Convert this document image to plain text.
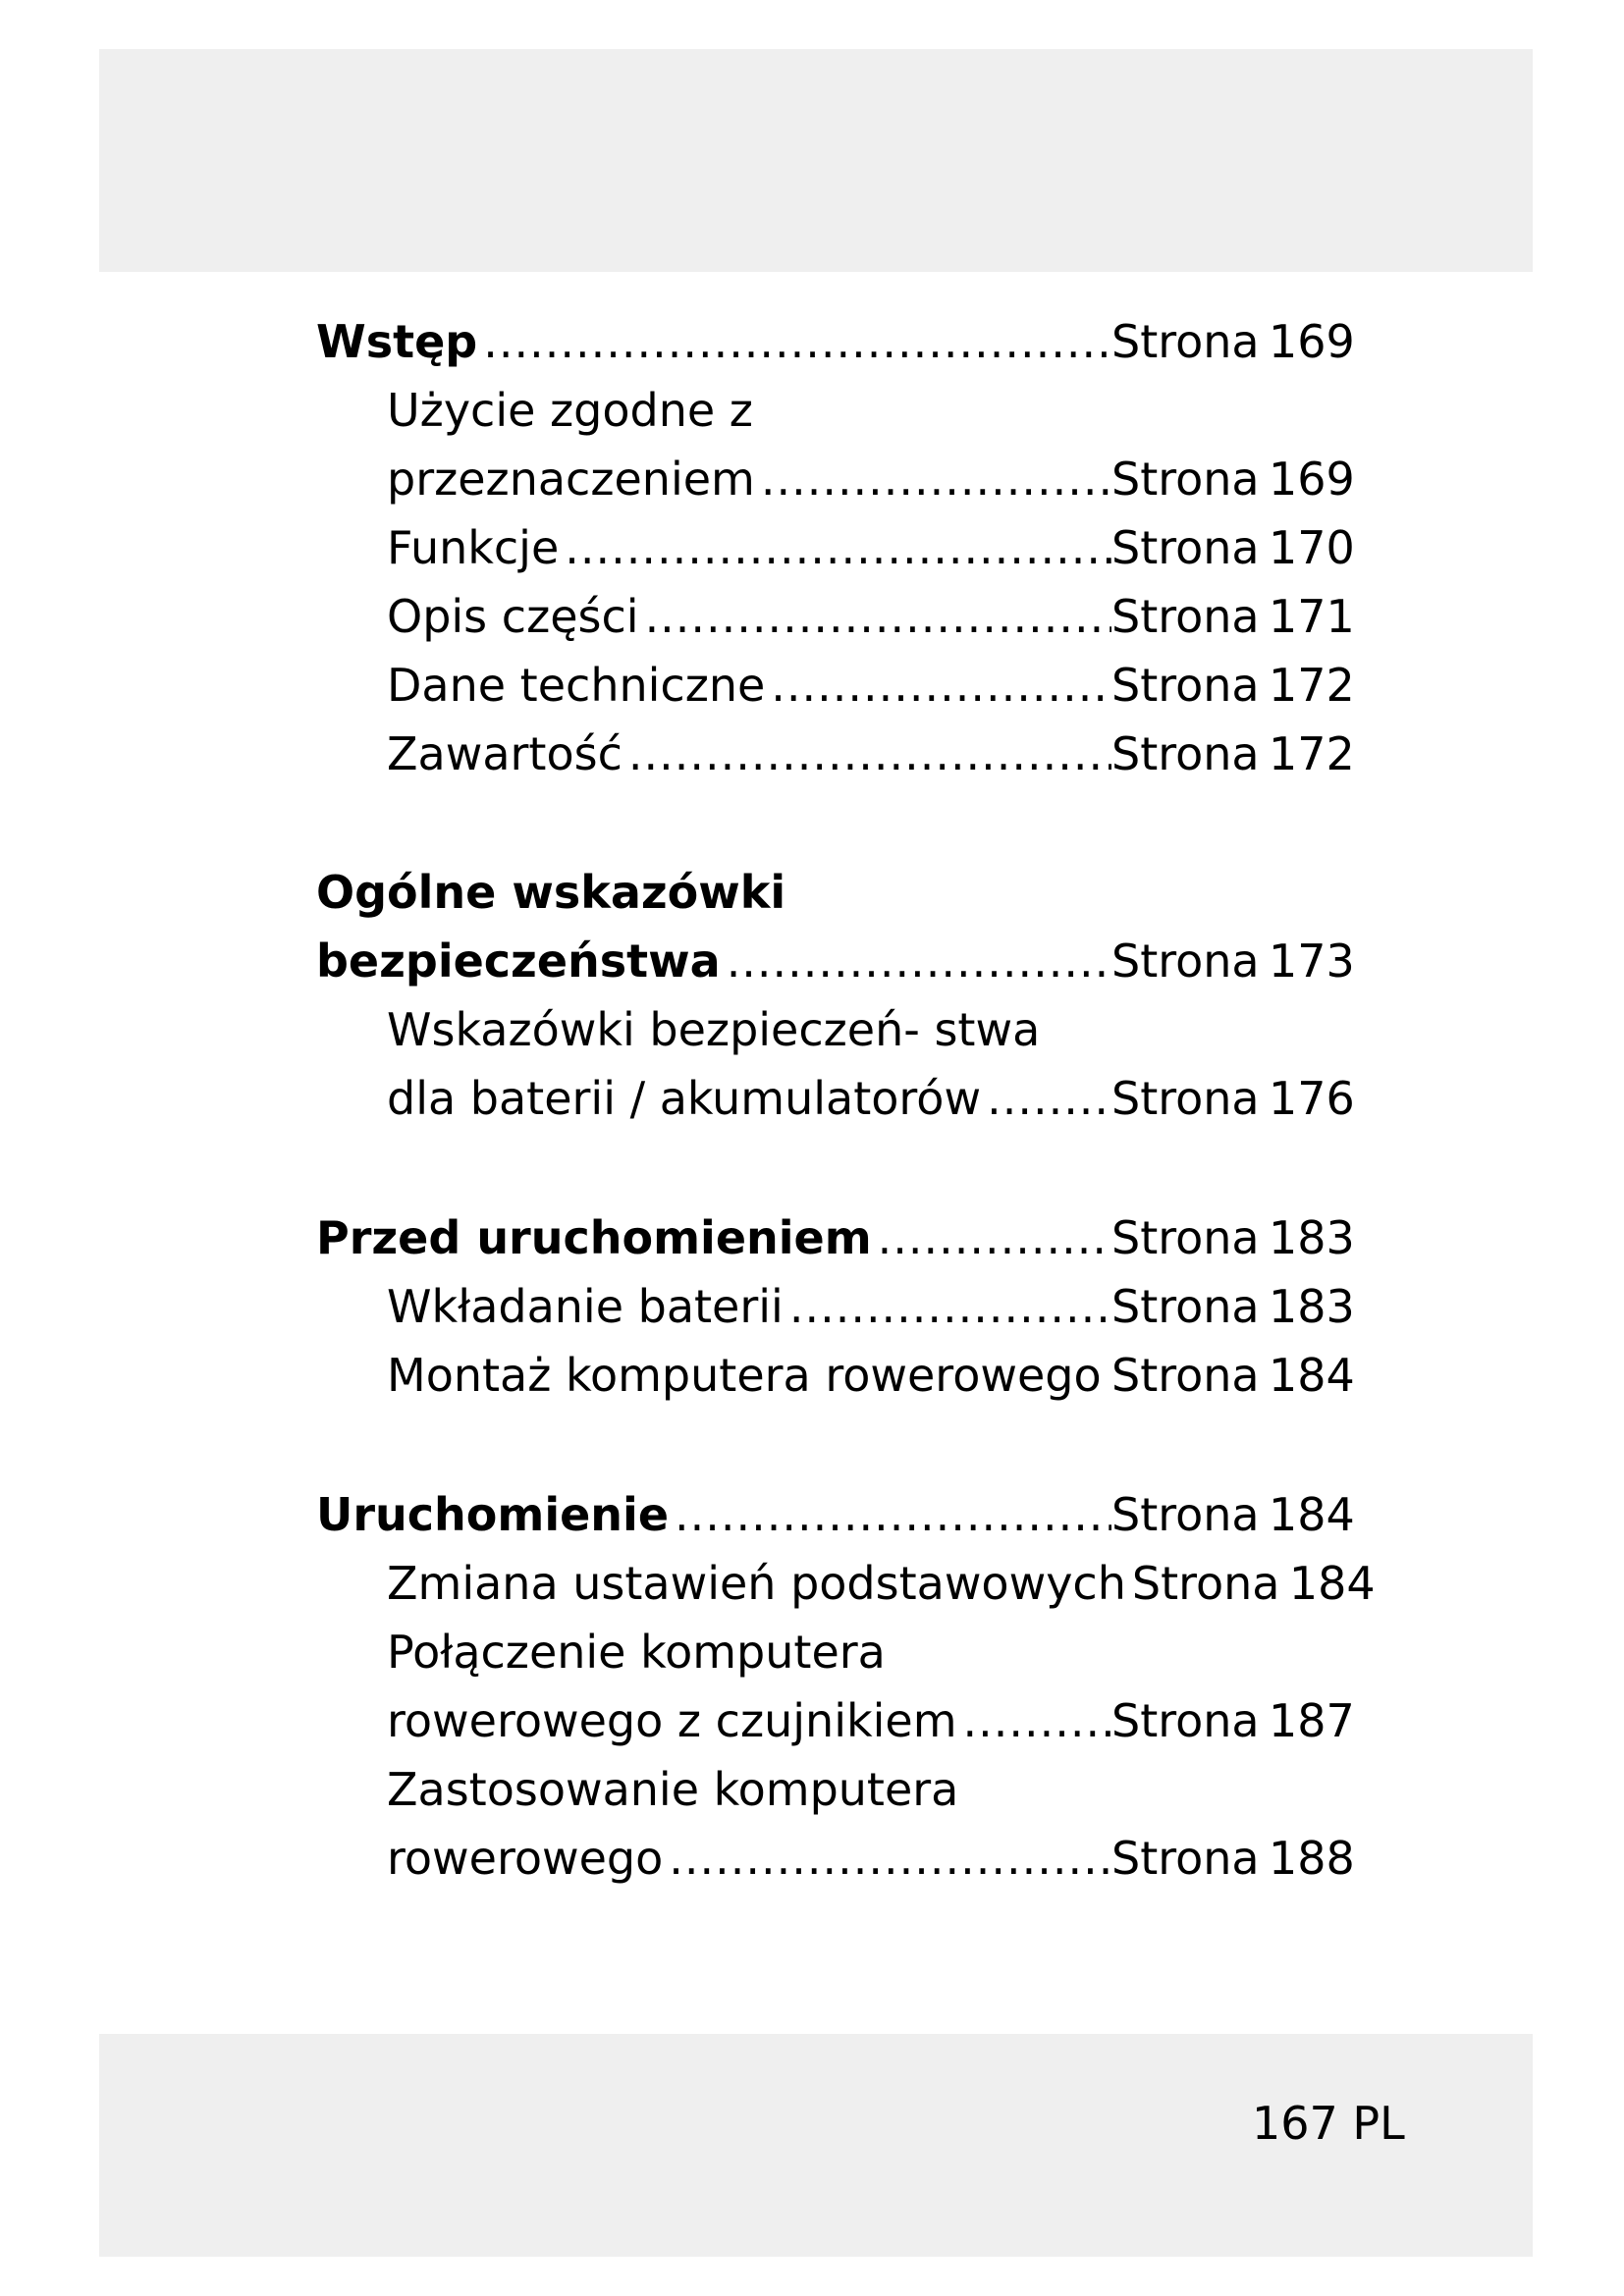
Wstęp .....	Strona 169
Użycie zgodne z
przeznaczeniem .....	Strona 169
Funkcje .....	Strona 170
Opis części .....	Strona 171
Dane techniczne .....	Strona 172
Zawartość .....	Strona 172
Ogólne wskazówki
bezpieczeństwa .....	Strona 173
Wskazówki bezpieczeń- stwa
dla baterii / akumulatorów .....	Strona 176
Przed uruchomieniem .....	Strona 183
Wkładanie baterii .....	Strona 183
Montaż komputera rowerowego ..... Strona 184
Uruchomienie .....	Strona 184
Zmiana ustawień podstawowych Strona 184
Połączenie komputera
rowerowego z czujnikiem .....	Strona 187
Zastosowanie komputera
rowerowego .....	Strona 188
167 PL
